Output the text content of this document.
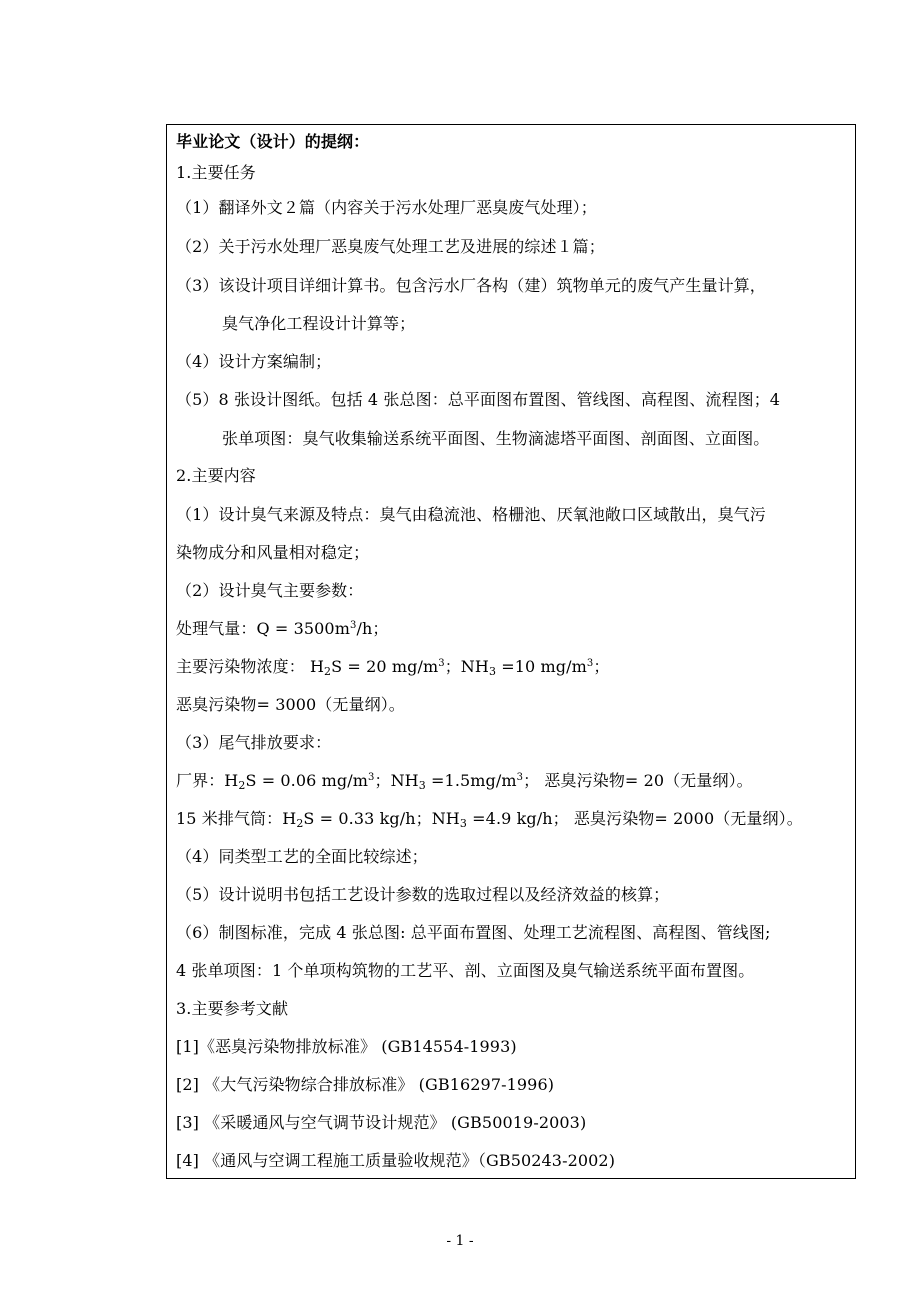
毕业论文（设计）的提纲：
1.主要任务
（1）翻译外文２篇（内容关于污水处理厂恶臭废气处理）；
（2）关于污水处理厂恶臭废气处理工艺及进展的综述１篇；
（3）该设计项目详细计算书。包含污水厂各构（建）筑物单元的废气产生量计算，
臭气净化工程设计计算等；
（4）设计方案编制；
（5）8 张设计图纸。包括 4 张总图：总平面图布置图、管线图、高程图、流程图；4
张单项图：臭气收集输送系统平面图、生物滴滤塔平面图、剖面图、立面图。
2.主要内容
（1）设计臭气来源及特点：臭气由稳流池、格栅池、厌氧池敞口区域散出，臭气污
染物成分和风量相对稳定；
（2）设计臭气主要参数：
处理气量：$Q = 3500m^3/h$；
主要污染物浓度： $H_2S = 20$ $mg/m^3$；$NH_3 =10$ $mg/m^3$；
恶臭污染物= 3000（无量纲）。
（3）尾气排放要求：
厂界：$H_2S = 0.06$ $mg/m^3$；$NH_3 =1.5mg/m^3$； 恶臭污染物= 20（无量纲）。
15 米排气筒：$H_2S = 0.33$ kg/h；$NH_3 =4.9$ kg/h； 恶臭污染物= 2000（无量纲）。
（4）同类型工艺的全面比较综述；
（5）设计说明书包括工艺设计参数的选取过程以及经济效益的核算；
（6）制图标准，完成 4 张总图: 总平面布置图、处理工艺流程图、高程图、管线图;
4 张单项图：1 个单项构筑物的工艺平、剖、立面图及臭气输送系统平面布置图。
3.主要参考文献
[1]《恶臭污染物排放标准》 (GB14554-1993)
[2] 《大气污染物综合排放标准》 (GB16297-1996)
[3] 《采暖通风与空气调节设计规范》 (GB50019-2003)
[4] 《通风与空调工程施工质量验收规范》（GB50243-2002)
- 1 -
